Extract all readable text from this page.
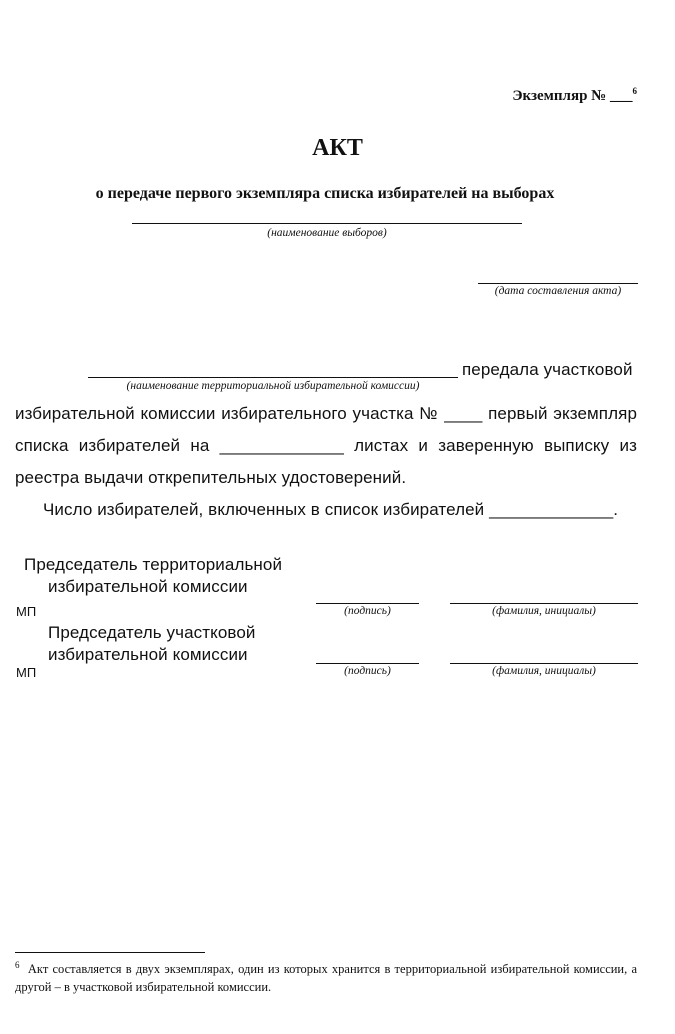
Экземпляр № ___$^6$
АКТ
о передаче первого экземпляра списка избирателей на выборах
(наименование выборов)
(дата составления акта)
передала участковой
(наименование территориальной избирательной комиссии)
избирательной комиссии избирательного участка № ____ первый экземпляр
списка избирателей на _____________ листах и заверенную выписку из
реестра выдачи открепительных удостоверений.
Число избирателей, включенных в список избирателей _____________.
Председатель территориальной
избирательной комиссии
МП	(подпись)	(фамилия, инициалы)
Председатель участковой
избирательной комиссии
МП	(подпись)	(фамилия, инициалы)
$^6$ Акт составляется в двух экземплярах, один из которых хранится в территориальной избирательной комиссии, а другой – в участковой избирательной комиссии.
